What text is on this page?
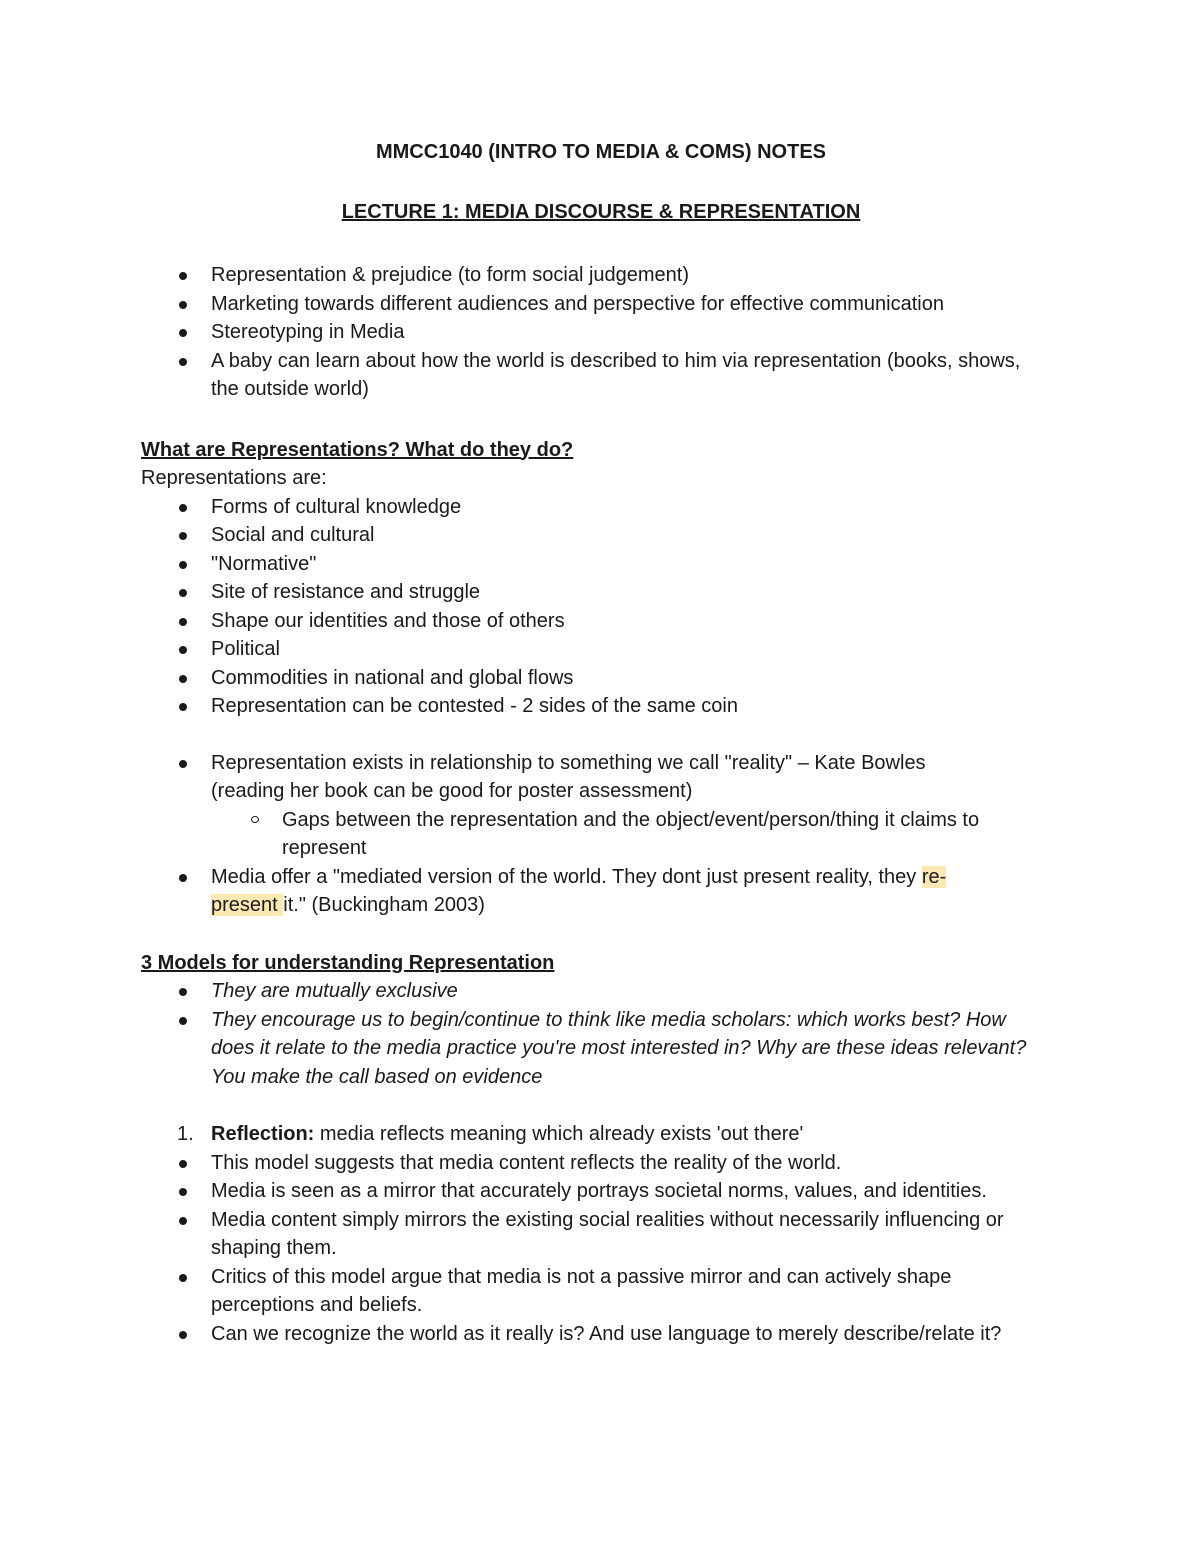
MMCC1040 (INTRO TO MEDIA & COMS) NOTES
LECTURE 1: MEDIA DISCOURSE & REPRESENTATION
Representation & prejudice (to form social judgement)
Marketing towards different audiences and perspective for effective communication
Stereotyping in Media
A baby can learn about how the world is described to him via representation (books, shows, the outside world)

What are Representations? What do they do?

Representations are:

Forms of cultural knowledge
Social and cultural
"Normative"
Site of resistance and struggle
Shape our identities and those of others
Political
Commodities in national and global flows
Representation can be contested - 2 sides of the same coin
Representation exists in relationship to something we call "reality" – Kate Bowles (reading her book can be good for poster assessment)
Gaps between the representation and the object/event/person/thing it claims to represent
Media offer a "mediated version of the world. They dont just present reality, they re-present it." (Buckingham 2003)

3 Models for understanding Representation

They are mutually exclusive
They encourage us to begin/continue to think like media scholars: which works best? How does it relate to the media practice you're most interested in? Why are these ideas relevant? You make the call based on evidence
1. Reflection: media reflects meaning which already exists 'out there'
This model suggests that media content reflects the reality of the world.
Media is seen as a mirror that accurately portrays societal norms, values, and identities.
Media content simply mirrors the existing social realities without necessarily influencing or shaping them.
Critics of this model argue that media is not a passive mirror and can actively shape perceptions and beliefs.
Can we recognize the world as it really is? And use language to merely describe/relate it?
